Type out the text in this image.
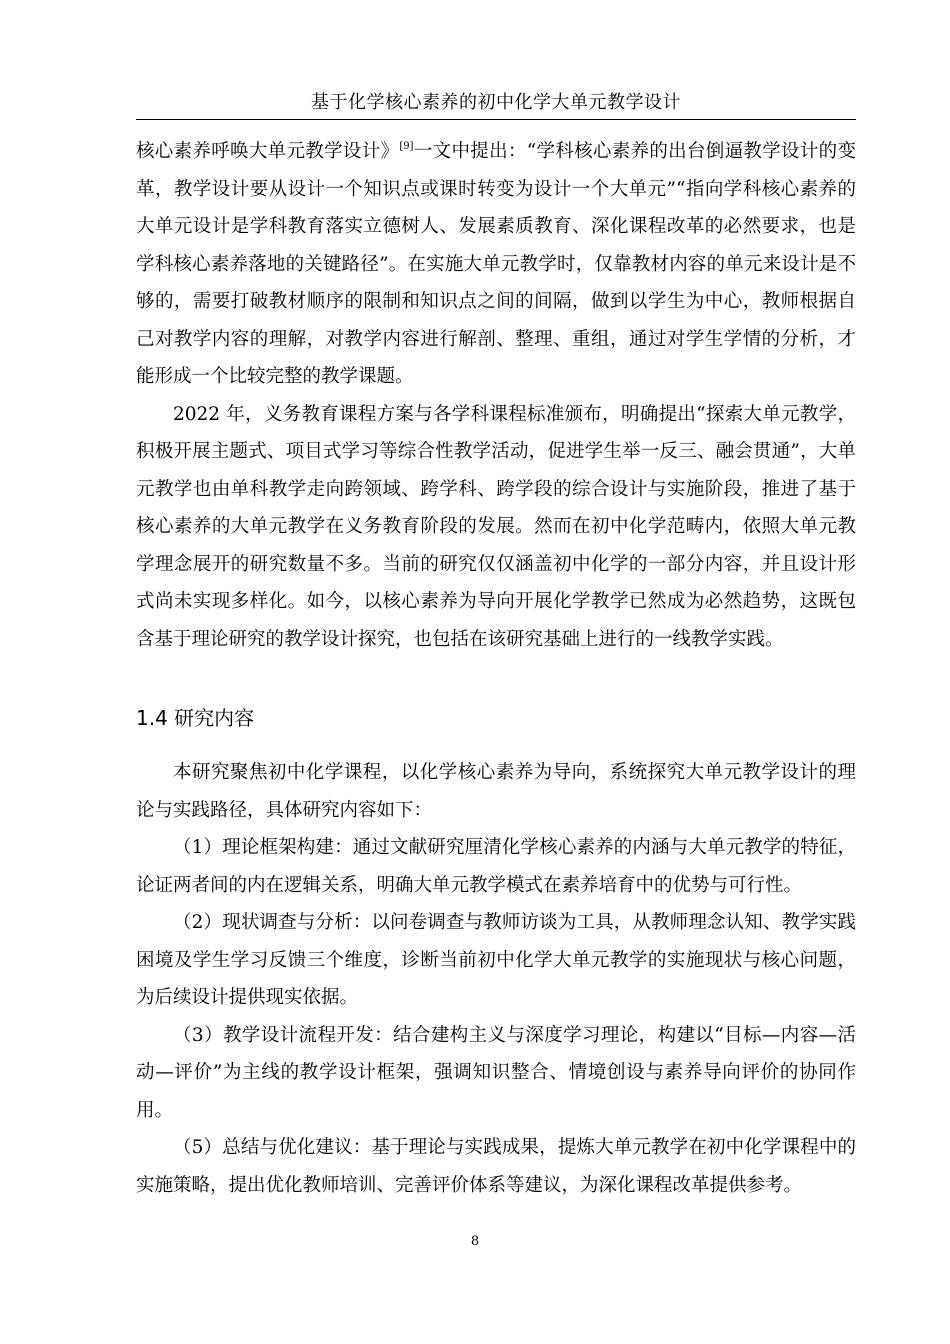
基于化学核心素养的初中化学大单元教学设计

核心素养呼唤大单元教学设计》[9]一文中提出：“学科核心素养的出台倒逼教学设计的变革，教学设计要从设计一个知识点或课时转变为设计一个大单元”“指向学科核心素养的大单元设计是学科教育落实立德树人、发展素质教育、深化课程改革的必然要求，也是学科核心素养落地的关键路径”。在实施大单元教学时，仅靠教材内容的单元来设计是不够的，需要打破教材顺序的限制和知识点之间的间隔，做到以学生为中心，教师根据自己对教学内容的理解，对教学内容进行解剖、整理、重组，通过对学生学情的分析，才能形成一个比较完整的教学课题。

2022 年，义务教育课程方案与各学科课程标准颁布，明确提出“探索大单元教学，积极开展主题式、项目式学习等综合性教学活动，促进学生举一反三、融会贯通”，大单元教学也由单科教学走向跨领域、跨学科、跨学段的综合设计与实施阶段，推进了基于核心素养的大单元教学在义务教育阶段的发展。然而在初中化学范畴内，依照大单元教学理念展开的研究数量不多。当前的研究仅仅涵盖初中化学的一部分内容，并且设计形式尚未实现多样化。如今，以核心素养为导向开展化学教学已然成为必然趋势，这既包含基于理论研究的教学设计探究，也包括在该研究基础上进行的一线教学实践。

1.4 研究内容

本研究聚焦初中化学课程，以化学核心素养为导向，系统探究大单元教学设计的理论与实践路径，具体研究内容如下：

（1）理论框架构建：通过文献研究厘清化学核心素养的内涵与大单元教学的特征，论证两者间的内在逻辑关系，明确大单元教学模式在素养培育中的优势与可行性。

（2）现状调查与分析：以问卷调查与教师访谈为工具，从教师理念认知、教学实践困境及学生学习反馈三个维度，诊断当前初中化学大单元教学的实施现状与核心问题，为后续设计提供现实依据。

（3）教学设计流程开发：结合建构主义与深度学习理论，构建以“目标—内容—活动—评价”为主线的教学设计框架，强调知识整合、情境创设与素养导向评价的协同作用。

（5）总结与优化建议：基于理论与实践成果，提炼大单元教学在初中化学课程中的实施策略，提出优化教师培训、完善评价体系等建议，为深化课程改革提供参考。

8
